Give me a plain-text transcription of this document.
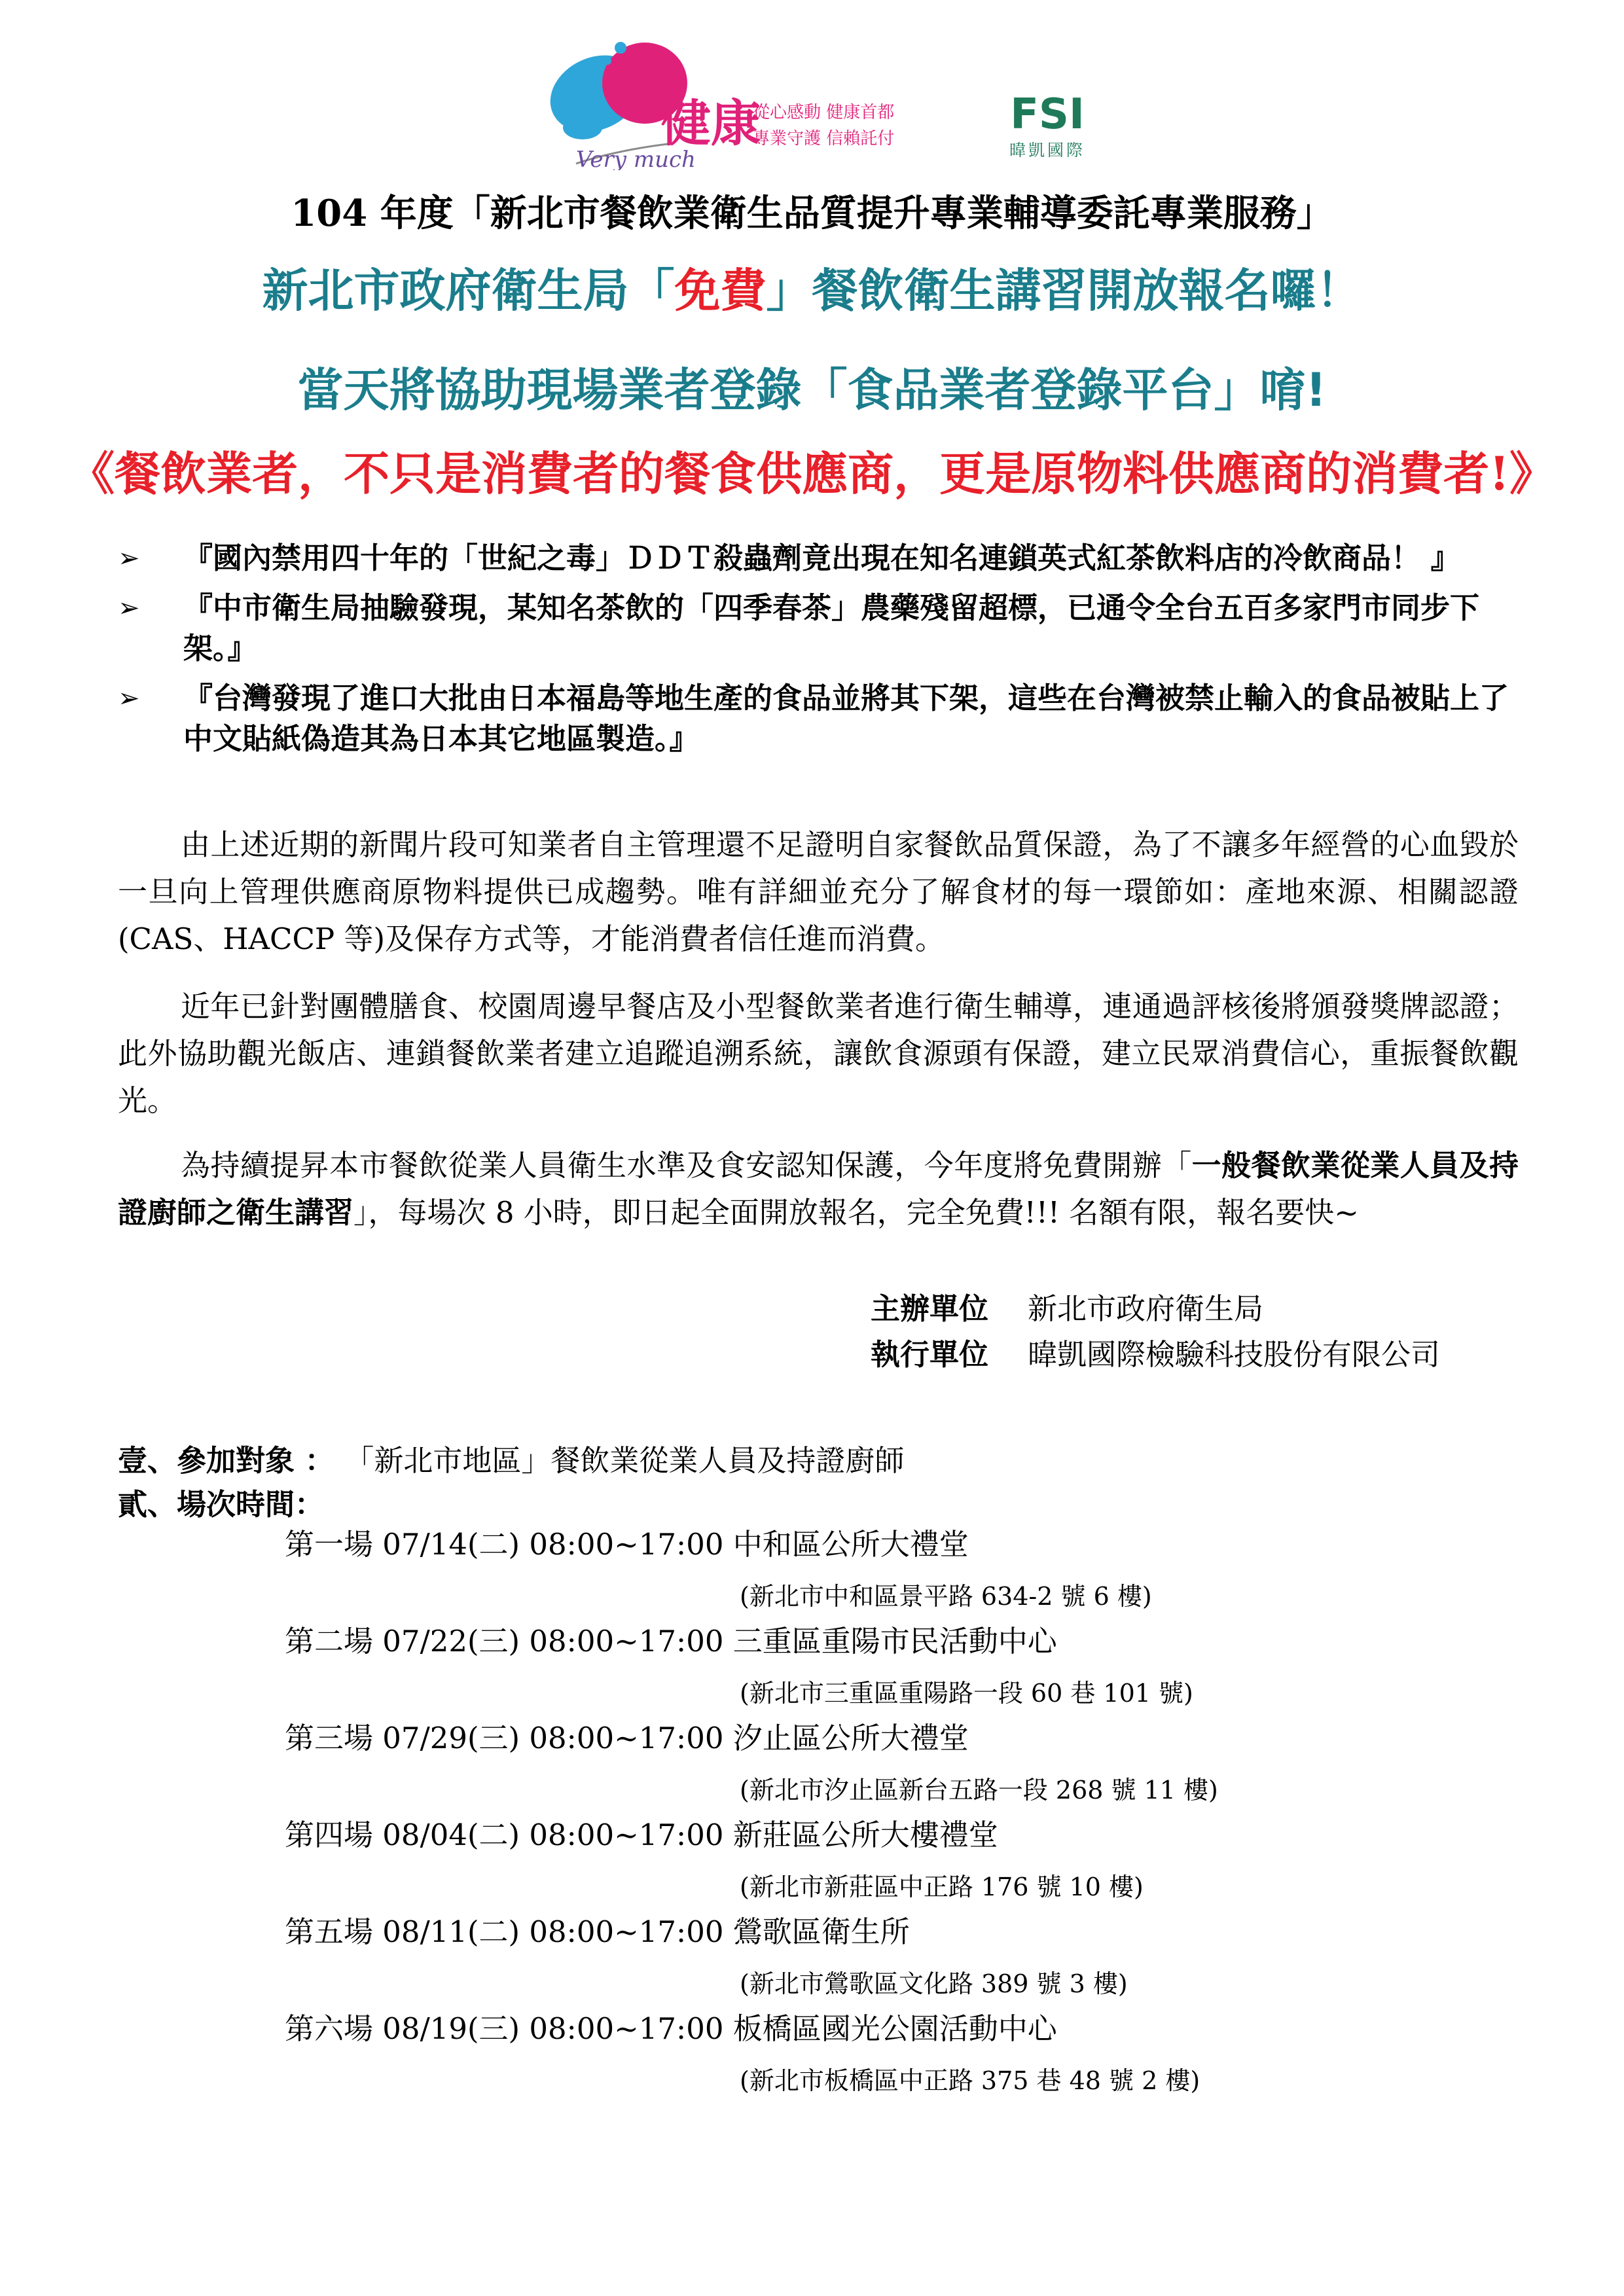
健康
Very much
從心感動 健康首都
專業守護 信賴託付	FSI
暐凱國際
104 年度「新北市餐飲業衛生品質提升專業輔導委託專業服務」
新北市政府衛生局「免費」餐飲衛生講習開放報名囉！
當天將協助現場業者登錄「食品業者登錄平台」唷!
《餐飲業者，不只是消費者的餐食供應商，更是原物料供應商的消費者!》
➢ 『國內禁用四十年的「世紀之毒」ＤＤＴ殺蟲劑竟出現在知名連鎖英式紅茶飲料店的冷飲商品！ 』
➢ 『中市衛生局抽驗發現，某知名茶飲的「四季春茶」農藥殘留超標，已通令全台五百多家門市同步下架。』
➢ 『台灣發現了進口大批由日本福島等地生產的食品並將其下架，這些在台灣被禁止輸入的食品被貼上了中文貼紙偽造其為日本其它地區製造。』
由上述近期的新聞片段可知業者自主管理還不足證明自家餐飲品質保證，為了不讓多年經營的心血毀於一旦向上管理供應商原物料提供已成趨勢。唯有詳細並充分了解食材的每一環節如：產地來源、相關認證(CAS、HACCP 等)及保存方式等，才能消費者信任進而消費。
近年已針對團體膳食、校園周邊早餐店及小型餐飲業者進行衛生輔導，連通過評核後將頒發獎牌認證；此外協助觀光飯店、連鎖餐飲業者建立追蹤追溯系統，讓飲食源頭有保證，建立民眾消費信心，重振餐飲觀光。
為持續提昇本市餐飲從業人員衛生水準及食安認知保護，今年度將免費開辦「一般餐飲業從業人員及持證廚師之衛生講習」，每場次 8 小時，即日起全面開放報名，完全免費!!! 名額有限，報名要快~
主辦單位 新北市政府衛生局
執行單位 暐凱國際檢驗科技股份有限公司
壹、參加對象 ： 「新北市地區」餐飲業從業人員及持證廚師
貳、場次時間：
第一場 07/14(二) 08:00~17:00 中和區公所大禮堂
(新北市中和區景平路 634-2 號 6 樓)
第二場 07/22(三) 08:00~17:00 三重區重陽市民活動中心
(新北市三重區重陽路一段 60 巷 101 號)
第三場 07/29(三) 08:00~17:00 汐止區公所大禮堂
(新北市汐止區新台五路一段 268 號 11 樓)
第四場 08/04(二) 08:00~17:00 新莊區公所大樓禮堂
(新北市新莊區中正路 176 號 10 樓)
第五場 08/11(二) 08:00~17:00 鶯歌區衛生所
(新北市鶯歌區文化路 389 號 3 樓)
第六場 08/19(三) 08:00~17:00 板橋區國光公園活動中心
(新北市板橋區中正路 375 巷 48 號 2 樓)
